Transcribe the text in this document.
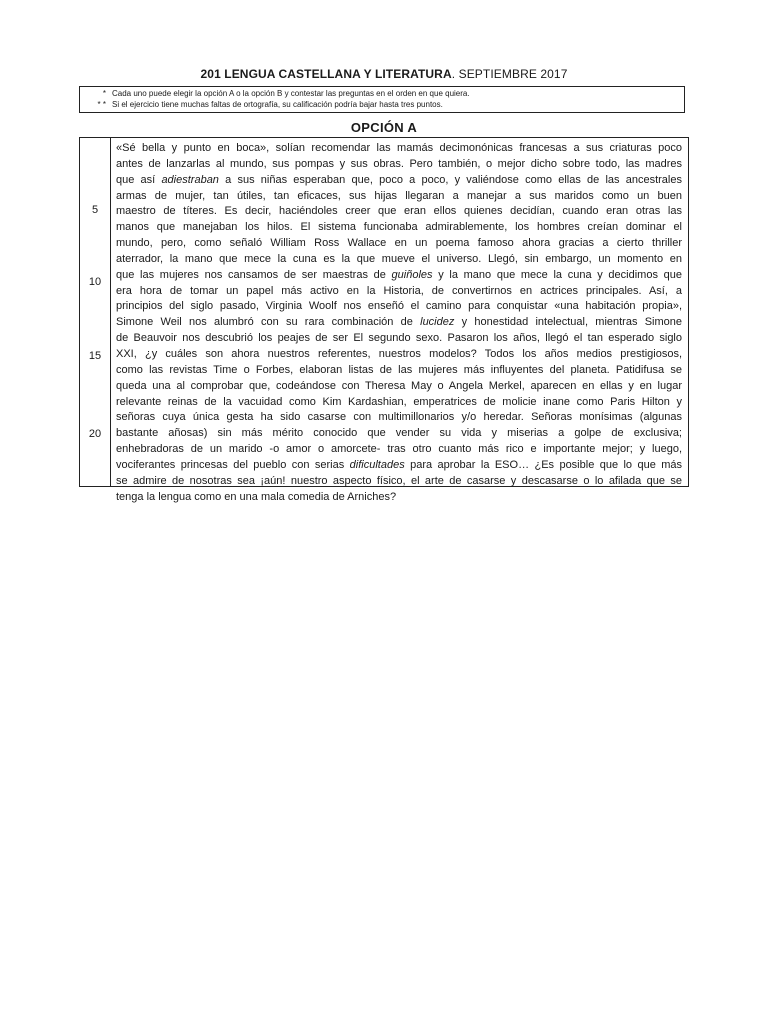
201 LENGUA CASTELLANA Y LITERATURA. SEPTIEMBRE 2017
* Cada uno puede elegir la opción A o la opción B y contestar las preguntas en el orden en que quiera.
* * Si el ejercicio tiene muchas faltas de ortografía, su calificación podría bajar hasta tres puntos.
OPCIÓN A
5
10
15
20
«Sé bella y punto en boca», solían recomendar las mamás decimonónicas francesas a sus criaturas poco
antes de lanzarlas al mundo, sus pompas y sus obras. Pero también, o mejor dicho sobre todo, las madres
que así adiestraban a sus niñas esperaban que, poco a poco, y valiéndose como ellas de las ancestrales
armas de mujer, tan útiles, tan eficaces, sus hijas llegaran a manejar a sus maridos como un buen
maestro de títeres. Es decir, haciéndoles creer que eran ellos quienes decidían, cuando eran otras las
manos que manejaban los hilos. El sistema funcionaba admirablemente, los hombres creían dominar el
mundo, pero, como señaló William Ross Wallace en un poema famoso ahora gracias a cierto thriller
aterrador, la mano que mece la cuna es la que mueve el universo. Llegó, sin embargo, un momento en
que las mujeres nos cansamos de ser maestras de guiñoles y la mano que mece la cuna y decidimos que
era hora de tomar un papel más activo en la Historia, de convertirnos en actrices principales. Así, a
principios del siglo pasado, Virginia Woolf nos enseñó el camino para conquistar «una habitación propia»,
Simone Weil nos alumbró con su rara combinación de lucidez y honestidad intelectual, mientras Simone
de Beauvoir nos descubrió los peajes de ser El segundo sexo. Pasaron los años, llegó el tan esperado siglo
XXI, ¿y cuáles son ahora nuestros referentes, nuestros modelos? Todos los años medios prestigiosos,
como las revistas Time o Forbes, elaboran listas de las mujeres más influyentes del planeta. Patidifusa se
queda una al comprobar que, codeándose con Theresa May o Angela Merkel, aparecen en ellas y en lugar
relevante reinas de la vacuidad como Kim Kardashian, emperatrices de molicie inane como Paris Hilton y
señoras cuya única gesta ha sido casarse con multimillonarios y/o heredar. Señoras monísimas (algunas
bastante añosas) sin más mérito conocido que vender su vida y miserias a golpe de exclusiva;
enhebradoras de un marido -o amor o amorcete- tras otro cuanto más rico e importante mejor; y luego,
vociferantes princesas del pueblo con serias dificultades para aprobar la ESO… ¿Es posible que lo que más
se admire de nosotras sea ¡aún! nuestro aspecto físico, el arte de casarse y descasarse o lo afilada que se
tenga la lengua como en una mala comedia de Arniches?
